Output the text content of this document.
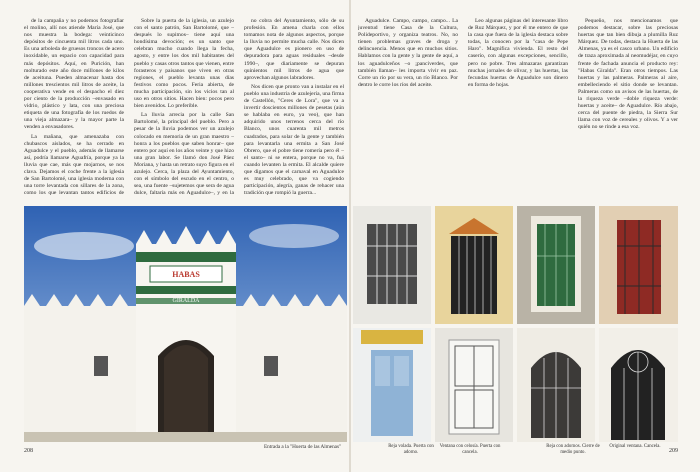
de la campaña y no podemos fotografiar el molino, allí nos atiende María José, que nos muestra la bodega: veinticinco depósitos de cincuenta mil litros cada uno. Es una arboleda de gruesos troncos de acero inoxidable, un espacio con capacidad para más depósitos. Aquí, en Purición, han molturado este año doce millones de kilos de aceituna. Pueden almacenar hasta dos millones trescientos mil litros de aceite, la cooperativa vende en el despacho el diez por ciento de la producción –envasado en vidrio, plástico y lata, con una preciosa etiqueta de una fotografía de los ruedos de una vieja almazara– y la mayor parte la venden a envasadores.

La mañana, que amenazaba con chubascos aislados, se ha cerrado en Aguadulce y el pueblo, además de llamarse así, podría llamarse Aguafría, porque ya la lluvia que cae, más que mojarnos, se nos clava. Dejamos el coche frente a la iglesia de San Bartolomé, una iglesia moderna con una torre levantada con sillares de la zona, como los que levantan tantos edificios de

Sobre la puerta de la iglesia, un azulejo con el santo patrón, San Bartolomé, que –después lo supimos– tiene aquí una hondísima devoción; es un santo que celebran mucho cuando llega la fecha, agosto, y entre los dos mil habitantes del pueblo y casas otros tantos que vienen, entre forasteros y paisanos que viven en otras regiones, el pueblo levanta unas días festivos como pocos. Feria abierta, de mucha participación, sin los vicios tan al uso en otros sitios. Hacen bien: pocos pero bien avenidos. Lo preferible.

La lluvia arrecia por la calle San Bartolomé, la principal del pueblo. Pero a pesar de la lluvia podemos ver un azulejo colocado en memoria de un gran maestro –honra a los pueblos que saben honrar– que entero por aquí en los años veinte y que hizo una gran labor. Se llamó don José Páez Moriana, y hasta un retrato suyo figura en el azulejo. Cerca, la plaza del Ayuntamiento, con el símbolo del escudo en el centro, o sea, una fuente –sujetemos que sera de agua dulce, faltaría más en Aguadulce–, y en la

no cobra del Ayuntamiento, sólo de su profesión. En amena charla con ellos tomamos nota de algunos aspectos, porque la lluvia no permite mucha calle. Nos dicen que Aguadulce es pionero en uso de depuradora para aguas residuales –desde 1990–, que diariamente se depuran quinientos mil litros de agua que aprovechan algunos labradores.

Nos dicen que pronto van a instalar en el pueblo una industria de azulejería, una firma de Castellón, "Ceres de Lora", que va a invertir doscientos millones de pesetas (aún se hablaba en euro, ya veo), que han adquirido unos terrenos cerca del río Blanco, unos cuarenta mil metros cuadrados, para solar de la gente y también para levantarla una ermita a San José Obrero, que el pobre tiene romería pero él –el santo– ni se entera, porque no va, fuá cuando levanten la ermita. El alcalde quiere que digamos que el carnaval en Aguadulce es muy celebrado, que va cogiendo participación, alegría, ganas de rehacer una tradición que rompió la guerra...

Aguadulce. Campo, campo, campo... La juventud tiene Casa de la Cultura, Polideportivo, y organiza teatros. No, no tienen problemas graves de droga y delincuencia. Menos que en muchos sitios. Hablamos con la gente y la gente de aquí, a los aguadulceños –o ¡panciverdes, que también llaman– les importa vivir en paz. Corre un río por su vera, un río Blanco. Por dentro le corre los ríos del aceite.

Leo algunas páginas del interesante libro de Ruz Márquez, y por él me entero de que la casa que fuera de la iglesia destaca sobre todas, la conocen por la "casa de Pepe Haro". Magnífica vivienda. El resto del caserío, con algunas excepciones, sencillo, pero no pobre. Tres almazaras garantizan muchas jornales de olivar, y las huertas, las fecundas huertas de Aguadulce son dinero en forma de hojas.

Pequeño, nos mencionamos que podemos destacar, sobre las preciosas huertas que tan bien dibuja a plumilla Ruz Márquez. De todas, destaca la Huerta de las Almenas, ya es el casco urbano. Un edificio de traza aproximada al neomudéjar, en cuyo frente de fachada anuncia el producto rey: "Habas Giralda". Eran otros tiempos. Las huertas y las palmeras. Palmeras al aire, embelleciendo el sitio donde se levantan. Palmeras como un avisos de las huertas, de la riqueza verde –doble riqueza verde: huertas y aceite– de Aguadulce. Río abajo, cerca del puente de piedra, la Sierra Sur llama con voz de cereales y olivos. Y a ver quién no se rinde a esa voz.

HABAS
GIRALDA
Entrada a la "Huerta de las Almenas"	Reja volada. Puerta con adorno.
Ventana con celosía. Puerta con cancela.
Reja con adornos. Cierre de medio punto.
Original ventana. Cancela.
208	209
